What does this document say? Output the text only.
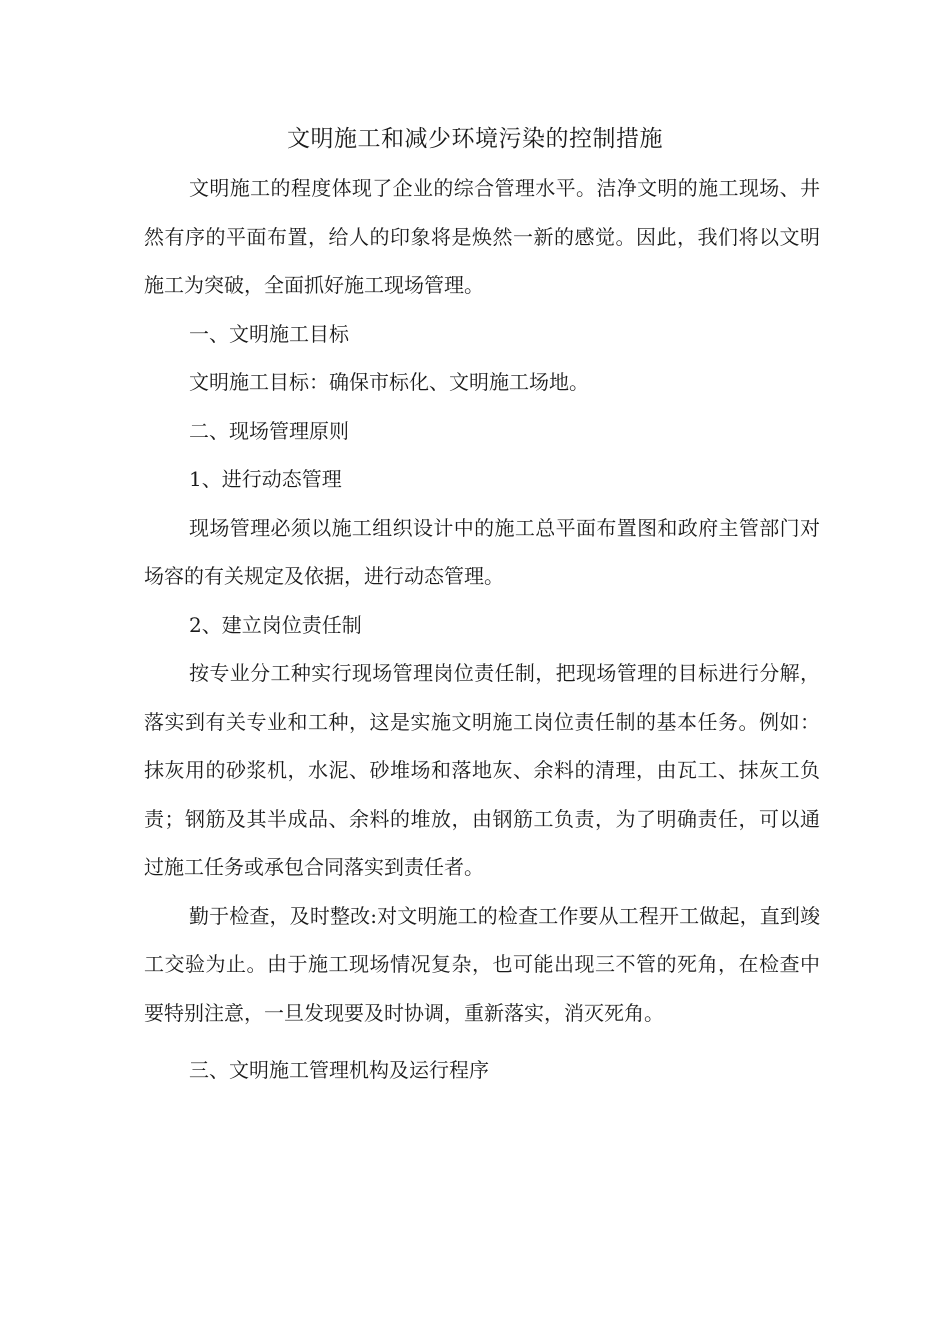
文明施工和减少环境污染的控制措施

文明施工的程度体现了企业的综合管理水平。洁净文明的施工现场、井然有序的平面布置，给人的印象将是焕然一新的感觉。因此，我们将以文明施工为突破，全面抓好施工现场管理。

一、文明施工目标

文明施工目标：确保市标化、文明施工场地。

二、现场管理原则

1、进行动态管理

现场管理必须以施工组织设计中的施工总平面布置图和政府主管部门对场容的有关规定及依据，进行动态管理。

2、建立岗位责任制

按专业分工种实行现场管理岗位责任制，把现场管理的目标进行分解，落实到有关专业和工种，这是实施文明施工岗位责任制的基本任务。例如：抹灰用的砂浆机，水泥、砂堆场和落地灰、余料的清理，由瓦工、抹灰工负责；钢筋及其半成品、余料的堆放，由钢筋工负责，为了明确责任，可以通过施工任务或承包合同落实到责任者。

勤于检查，及时整改:对文明施工的检查工作要从工程开工做起，直到竣工交验为止。由于施工现场情况复杂，也可能出现三不管的死角，在检查中要特别注意，一旦发现要及时协调，重新落实，消灭死角。

三、文明施工管理机构及运行程序
